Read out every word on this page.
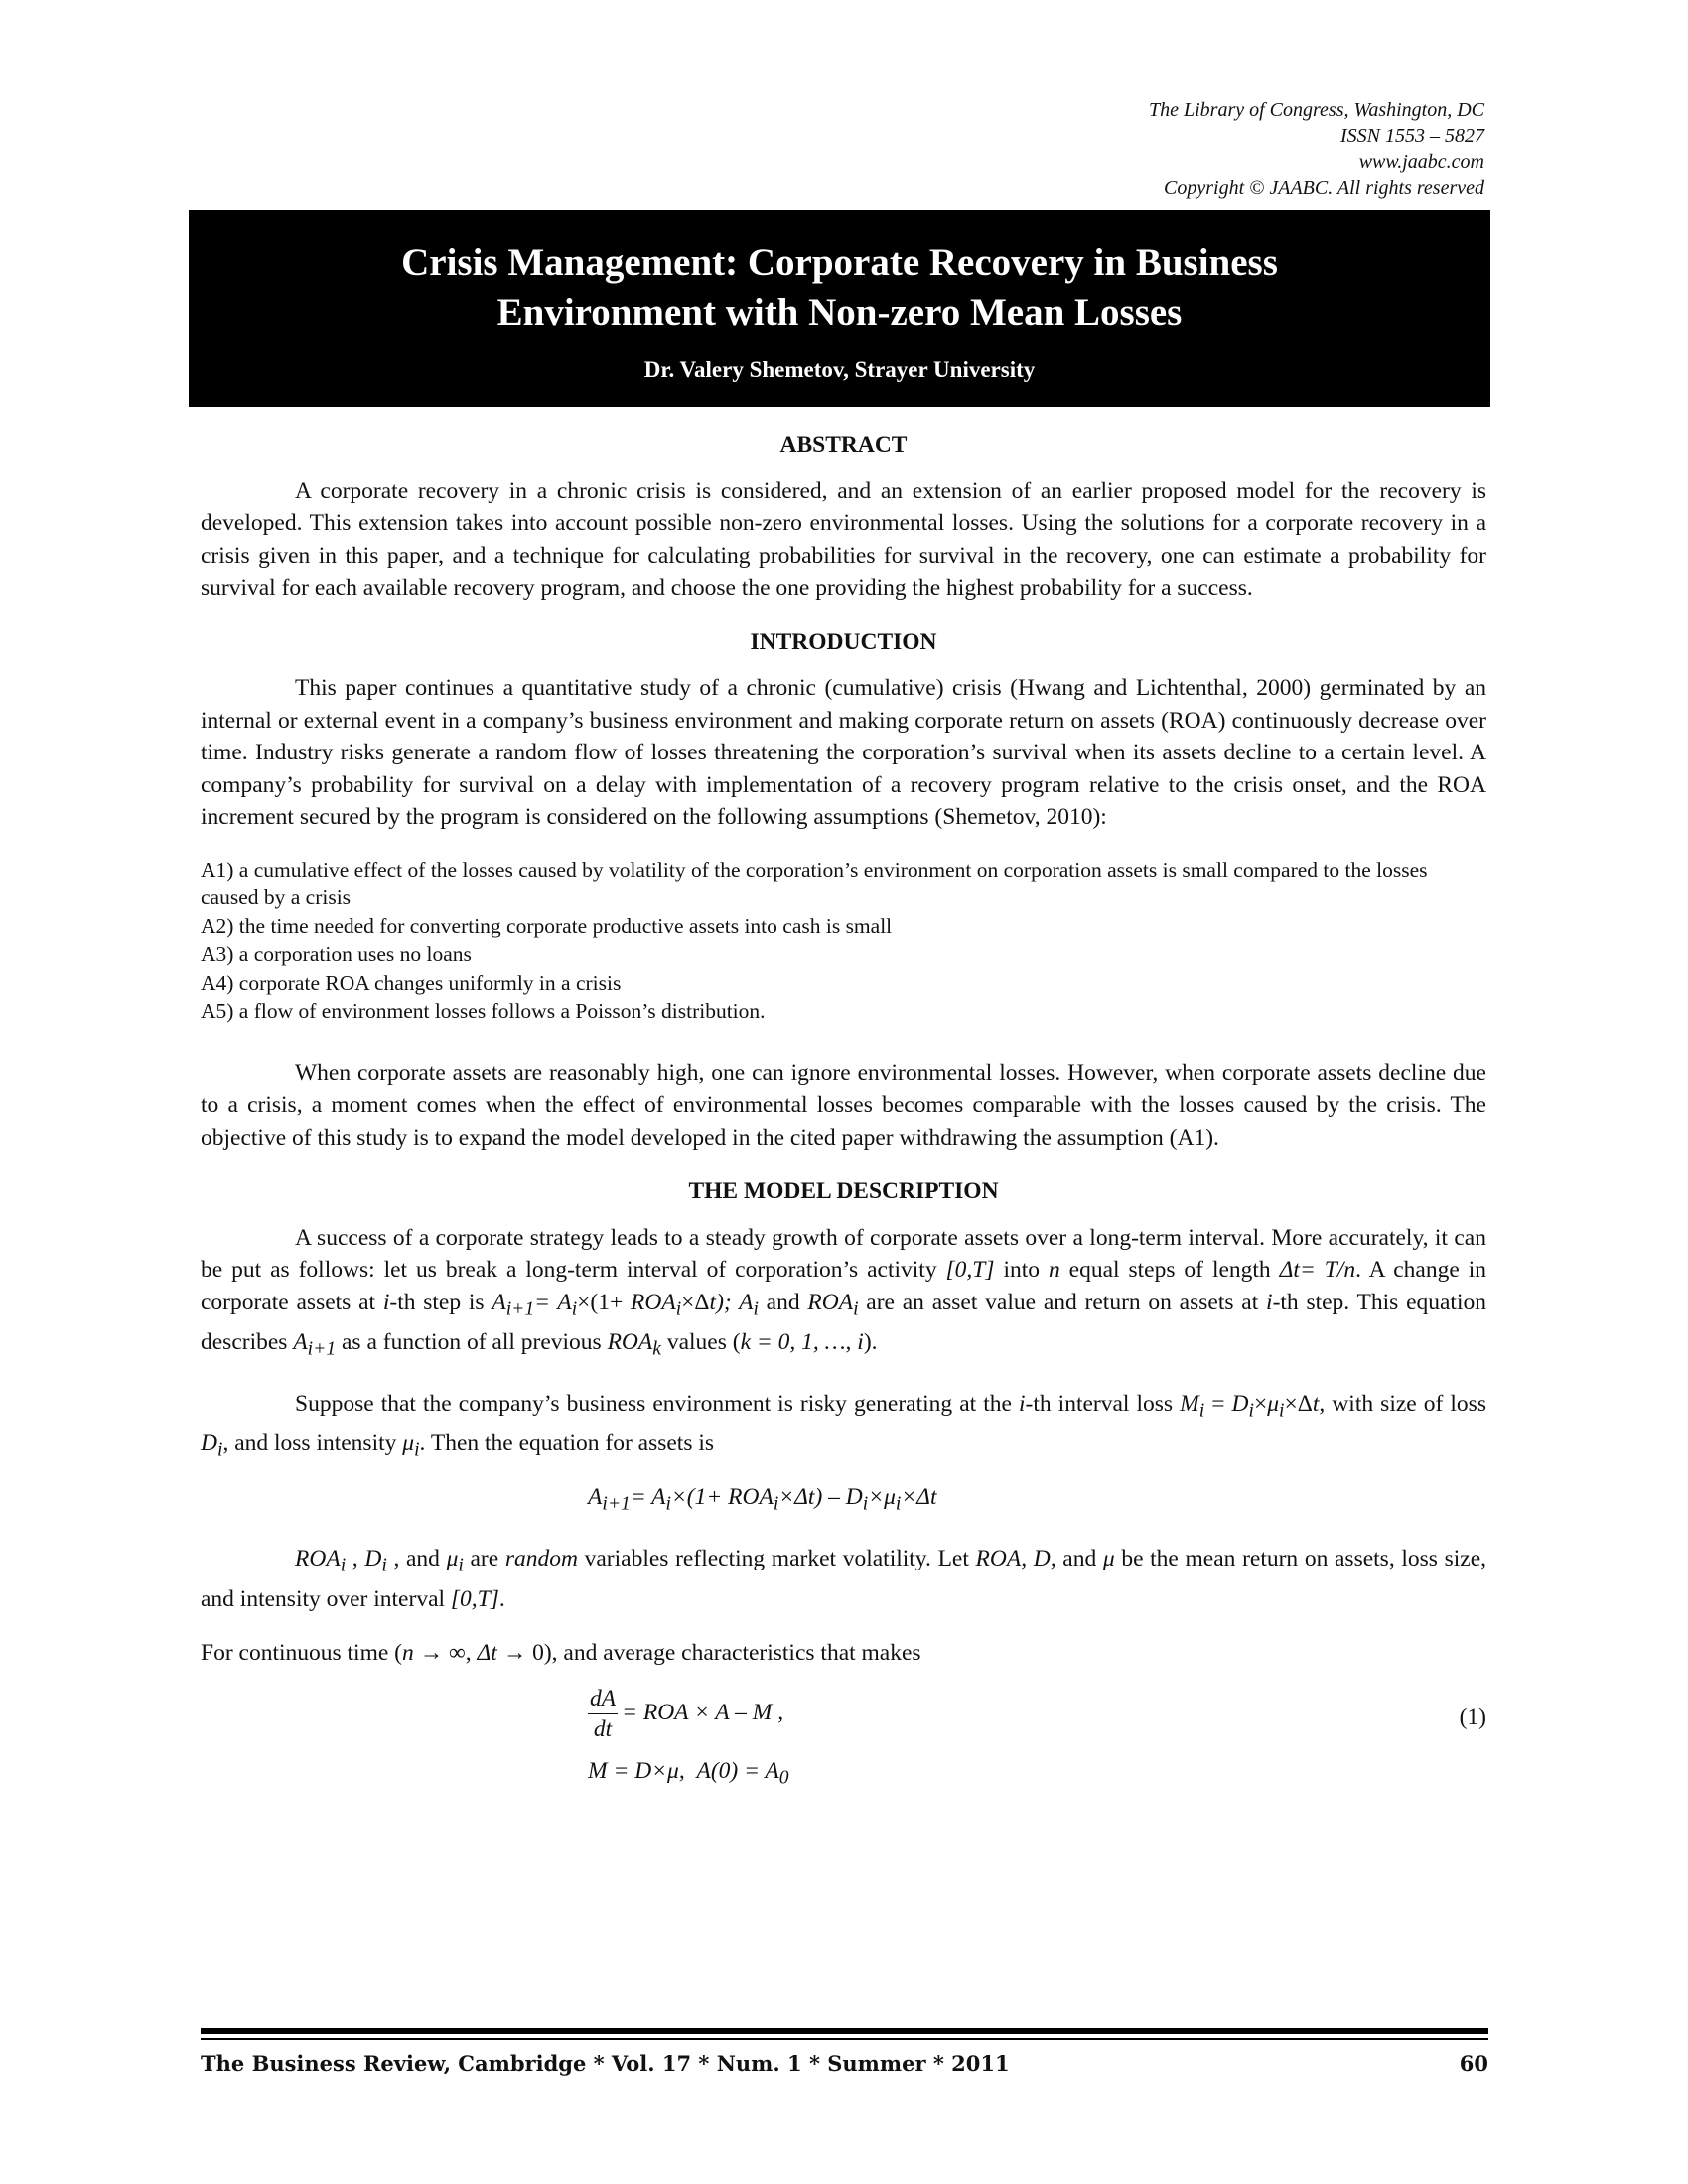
The Library of Congress, Washington, DC
ISSN 1553 – 5827
www.jaabc.com
Copyright © JAABC. All rights reserved
Crisis Management: Corporate Recovery in Business
Environment with Non-zero Mean Losses
Dr. Valery Shemetov, Strayer University
ABSTRACT

A corporate recovery in a chronic crisis is considered, and an extension of an earlier proposed model for the recovery is developed. This extension takes into account possible non-zero environmental losses. Using the solutions for a corporate recovery in a crisis given in this paper, and a technique for calculating probabilities for survival in the recovery, one can estimate a probability for survival for each available recovery program, and choose the one providing the highest probability for a success.

INTRODUCTION

This paper continues a quantitative study of a chronic (cumulative) crisis (Hwang and Lichtenthal, 2000) germinated by an internal or external event in a company’s business environment and making corporate return on assets (ROA) continuously decrease over time. Industry risks generate a random flow of losses threatening the corporation’s survival when its assets decline to a certain level. A company’s probability for survival on a delay with implementation of a recovery program relative to the crisis onset, and the ROA increment secured by the program is considered on the following assumptions (Shemetov, 2010):

A1) a cumulative effect of the losses caused by volatility of the corporation’s environment on corporation assets is small compared to the losses caused by a crisis
A2) the time needed for converting corporate productive assets into cash is small
A3) a corporation uses no loans
A4) corporate ROA changes uniformly in a crisis
A5) a flow of environment losses follows a Poisson’s distribution.

When corporate assets are reasonably high, one can ignore environmental losses. However, when corporate assets decline due to a crisis, a moment comes when the effect of environmental losses becomes comparable with the losses caused by the crisis. The objective of this study is to expand the model developed in the cited paper withdrawing the assumption (A1).

THE MODEL DESCRIPTION

A success of a corporate strategy leads to a steady growth of corporate assets over a long-term interval. More accurately, it can be put as follows: let us break a long-term interval of corporation’s activity [0,T] into n equal steps of length Δt= T/n. A change in corporate assets at i-th step is $A_{i+1}= A_i\times(1+ ROA_i\times\Delta t)$; $A_i$ and $ROA_i$ are an asset value and return on assets at i-th step. This equation describes $A_{i+1}$ as a function of all previous $ROA_k$ values (k = 0, 1, …, i).

Suppose that the company’s business environment is risky generating at the i-th interval loss $M_i = D_i\times\mu_i\times\Delta t$, with size of loss $D_i$, and loss intensity $\mu_i$. Then the equation for assets is

$A_{i+1}= A_i\times(1+ ROA_i\times\Delta t) - D_i\times\mu_i\times\Delta t$

$ROA_i$ , $D_i$ , and $\mu_i$ are random variables reflecting market volatility. Let ROA, D, and μ be the mean return on assets, loss size, and intensity over interval [0,T].

For continuous time (n → ∞, Δt → 0), and average characteristics that makes

$\frac{dA}{dt}$ = ROA × A – M ,	(1)
M = D×μ,  $A(0) = A_0$
The Business Review, Cambridge * Vol. 17 * Num. 1 * Summer * 2011	60
